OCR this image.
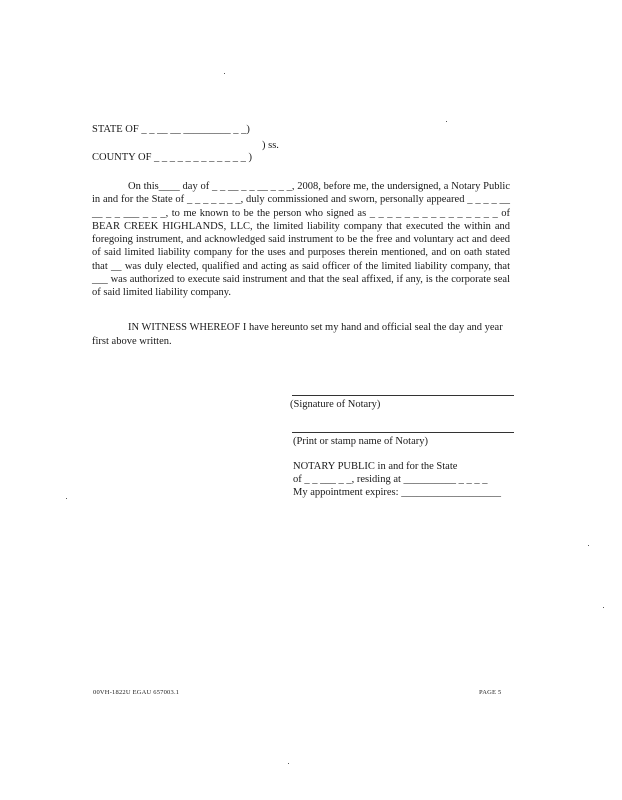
STATE OF _ _ __ __ _________ _ _)
) ss.
COUNTY OF _ _ _ _ _ _ _ _ _ _ _ _ )
On this____ day of _ _ __ _ _ __ _ _ _, 2008, before me, the undersigned, a Notary Public in and for the State of _ _ _ _ _ _ _, duly commissioned and sworn, personally appeared _ _ _ _ __ __ _ _ ___ _ _ _, to me known to be the person who signed as _ _ _ _ _ _ _ _ _ _ _ _ _ _ _ of BEAR CREEK HIGHLANDS, LLC, the limited liability company that executed the within and foregoing instrument, and acknowledged said instrument to be the free and voluntary act and deed of said limited liability company for the uses and purposes therein mentioned, and on oath stated that __ was duly elected, qualified and acting as said officer of the limited liability company, that ___ was authorized to execute said instrument and that the seal affixed, if any, is the corporate seal of said limited liability company.
IN WITNESS WHEREOF I have hereunto set my hand and official seal the day and year first above written.
(Signature of Notary)
(Print or stamp name of Notary)
NOTARY PUBLIC in and for the State
of _ _ ___ _ _, residing at __________ _ _ _ _
My appointment expires: ___________________
00VH-1822U EGAU 657003.1	PAGE 5
